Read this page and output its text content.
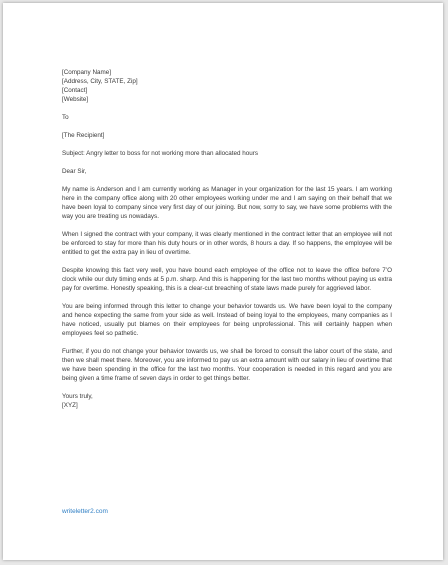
[Company Name]
[Address, City, STATE, Zip]
[Contact]
[Website]
To
[The Recipient]
Subject: Angry letter to boss for not working more than allocated hours
Dear Sir,

My name is Anderson and I am currently working as Manager in your organization for the last 15 years. I am working here in the company office along with 20 other employees working under me and I am saying on their behalf that we have been loyal to company since very first day of our joining. But now, sorry to say, we have some problems with the way you are treating us nowadays.

When I signed the contract with your company, it was clearly mentioned in the contract letter that an employee will not be enforced to stay for more than his duty hours or in other words, 8 hours a day. If so happens, the employee will be entitled to get the extra pay in lieu of overtime.

Despite knowing this fact very well, you have bound each employee of the office not to leave the office before 7’O clock while our duty timing ends at 5 p.m. sharp. And this is happening for the last two months without paying us extra pay for overtime. Honestly speaking, this is a clear-cut breaching of state laws made purely for aggrieved labor.

You are being informed through this letter to change your behavior towards us. We have been loyal to the company and hence expecting the same from your side as well. Instead of being loyal to the employees, many companies as I have noticed, usually put blames on their employees for being unprofessional. This will certainly happen when employees feel so pathetic.

Further, if you do not change your behavior towards us, we shall be forced to consult the labor court of the state, and then we shall meet there. Moreover, you are informed to pay us an extra amount with our salary in lieu of overtime that we have been spending in the office for the last two months. Your cooperation is needed in this regard and you are being given a time frame of seven days in order to get things better.

Yours truly,
[XYZ]
writeletter2.com
